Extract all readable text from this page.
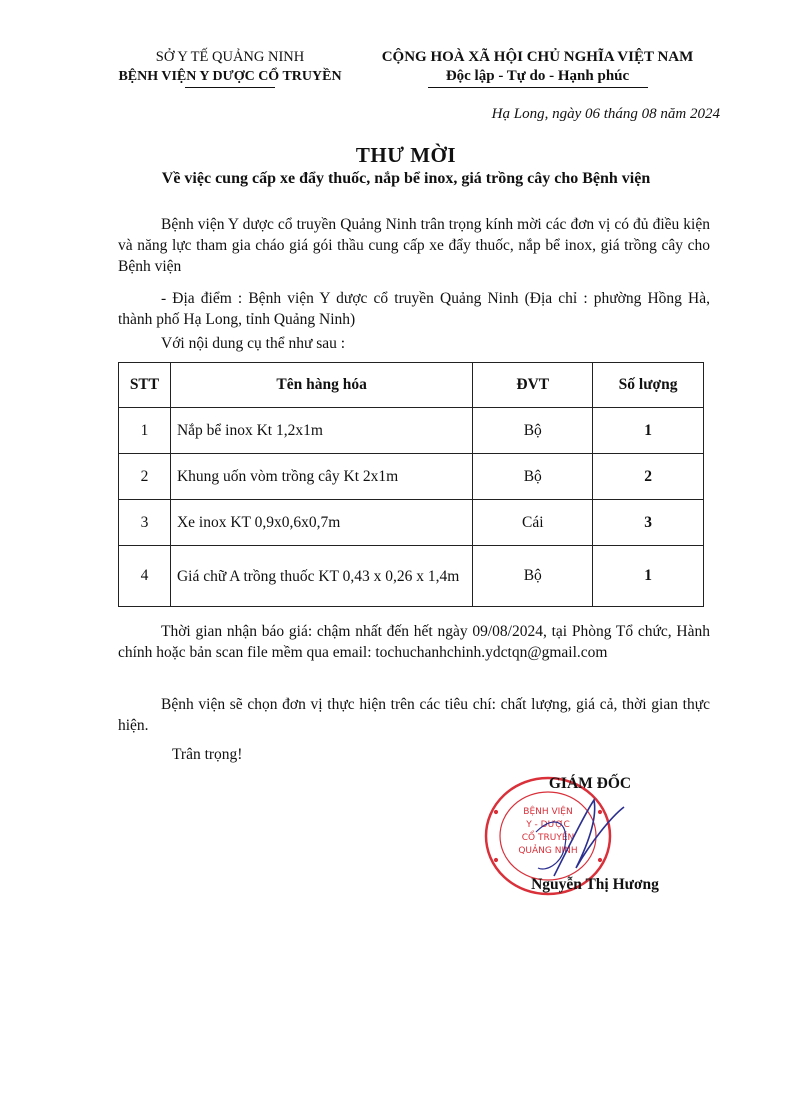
SỞ Y TẾ QUẢNG NINH
BỆNH VIỆN Y DƯỢC CỔ TRUYỀN
CỘNG HOÀ XÃ HỘI CHỦ NGHĨA VIỆT NAM
Độc lập - Tự do - Hạnh phúc
Hạ Long, ngày 06 tháng 08 năm 2024
THƯ MỜI
Về việc cung cấp xe đẩy thuốc, nắp bể inox, giá trồng cây cho Bệnh viện
Bệnh viện Y dược cổ truyền Quảng Ninh trân trọng kính mời các đơn vị có đủ điều kiện và năng lực tham gia cháo giá gói thầu cung cấp xe đẩy thuốc, nắp bể inox, giá trồng cây cho Bệnh viện
- Địa điểm : Bệnh viện Y dược cổ truyền Quảng Ninh (Địa chỉ : phường Hồng Hà, thành phố Hạ Long, tỉnh Quảng Ninh)
Với nội dung cụ thể như sau :
STT	Tên hàng hóa	ĐVT	Số lượng
1	Nắp bể inox Kt 1,2x1m	Bộ	1
2	Khung uốn vòm trồng cây Kt 2x1m	Bộ	2
3	Xe inox KT 0,9x0,6x0,7m	Cái	3
4	Giá chữ A trồng thuốc KT 0,43 x 0,26 x 1,4m	Bộ	1
Thời gian nhận báo giá: chậm nhất đến hết ngày 09/08/2024, tại Phòng Tổ chức, Hành chính hoặc bản scan file mềm qua email: tochuchanhchinh.ydctqn@gmail.com
Bệnh viện sẽ chọn đơn vị thực hiện trên các tiêu chí: chất lượng, giá cả, thời gian thực hiện.
Trân trọng!
BỆNH VIỆN
Y - DƯỢC
CỔ TRUYỀN
QUẢNG NINH
GIÁM ĐỐC
Nguyễn Thị Hương
